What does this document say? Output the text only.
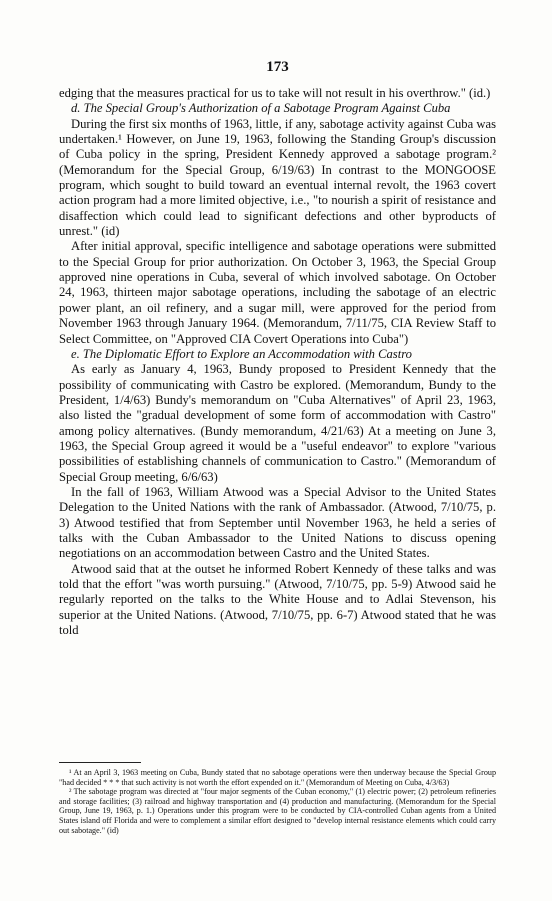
173

edging that the measures practical for us to take will not result in his overthrow." (id.)

d. The Special Group's Authorization of a Sabotage Program Against Cuba

During the first six months of 1963, little, if any, sabotage activity against Cuba was undertaken.¹ However, on June 19, 1963, following the Standing Group's discussion of Cuba policy in the spring, President Kennedy approved a sabotage program.² (Memorandum for the Special Group, 6/19/63) In contrast to the MONGOOSE program, which sought to build toward an eventual internal revolt, the 1963 covert action program had a more limited objective, i.e., "to nourish a spirit of resistance and disaffection which could lead to significant defections and other byproducts of unrest." (id)

After initial approval, specific intelligence and sabotage operations were submitted to the Special Group for prior authorization. On October 3, 1963, the Special Group approved nine operations in Cuba, several of which involved sabotage. On October 24, 1963, thirteen major sabotage operations, including the sabotage of an electric power plant, an oil refinery, and a sugar mill, were approved for the period from November 1963 through January 1964. (Memorandum, 7/11/75, CIA Review Staff to Select Committee, on "Approved CIA Covert Operations into Cuba")

e. The Diplomatic Effort to Explore an Accommodation with Castro

As early as January 4, 1963, Bundy proposed to President Kennedy that the possibility of communicating with Castro be explored. (Memorandum, Bundy to the President, 1/4/63) Bundy's memorandum on "Cuba Alternatives" of April 23, 1963, also listed the "gradual development of some form of accommodation with Castro" among policy alternatives. (Bundy memorandum, 4/21/63) At a meeting on June 3, 1963, the Special Group agreed it would be a "useful endeavor" to explore "various possibilities of establishing channels of communication to Castro." (Memorandum of Special Group meeting, 6/6/63)

In the fall of 1963, William Atwood was a Special Advisor to the United States Delegation to the United Nations with the rank of Ambassador. (Atwood, 7/10/75, p. 3) Atwood testified that from September until November 1963, he held a series of talks with the Cuban Ambassador to the United Nations to discuss opening negotiations on an accommodation between Castro and the United States.

Atwood said that at the outset he informed Robert Kennedy of these talks and was told that the effort "was worth pursuing." (Atwood, 7/10/75, pp. 5-9) Atwood said he regularly reported on the talks to the White House and to Adlai Stevenson, his superior at the United Nations. (Atwood, 7/10/75, pp. 6-7) Atwood stated that he was told

¹ At an April 3, 1963 meeting on Cuba, Bundy stated that no sabotage operations were then underway because the Special Group "had decided * * * that such activity is not worth the effort expended on it." (Memorandum of Meeting on Cuba, 4/3/63)

² The sabotage program was directed at "four major segments of the Cuban economy," (1) electric power; (2) petroleum refineries and storage facilities; (3) railroad and highway transportation and (4) production and manufacturing. (Memorandum for the Special Group, June 19, 1963, p. 1.) Operations under this program were to be conducted by CIA-controlled Cuban agents from a United States island off Florida and were to complement a similar effort designed to "develop internal resistance elements which could carry out sabotage." (id)
